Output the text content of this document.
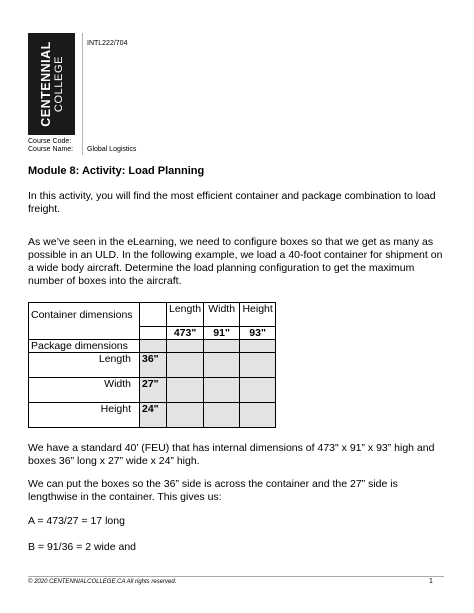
CENTENNIAL COLLEGE
INTL222/704
Course Code:
Course Name: Global Logistics
Module 8: Activity: Load Planning
In this activity, you will find the most efficient container and package combination to load freight.
As we’ve seen in the eLearning, we need to configure boxes so that we get as many as possible in an ULD. In the following example, we load a 40-foot container for shipment on a wide body aircraft. Determine the load planning configuration to get the maximum number of boxes into the aircraft.
Container dimensions		Length	Width	Height
		473"	91"	93"
Package dimensions				
Length	36"			
Width	27"			
Height	24"			
We have a standard 40’ (FEU) that has internal dimensions of 473" x 91” x 93” high and boxes 36” long x 27” wide x 24” high.
We can put the boxes so the 36” side is across the container and the 27” side is lengthwise in the container. This gives us:
A = 473/27 = 17 long
B = 91/36 = 2 wide and
© 2020 CENTENNIALCOLLEGE.CA All rights reserved.	1
